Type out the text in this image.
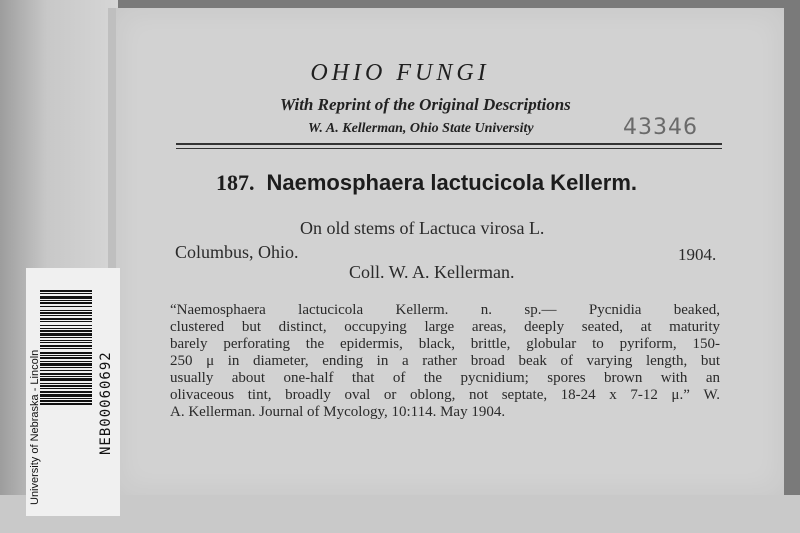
OHIO FUNGI
With Reprint of the Original Descriptions
W. A. Kellerman, Ohio State University	43346
187. Naemosphaera lactucicola Kellerm.
On old stems of Lactuca virosa L.
Columbus, Ohio.	1904.
Coll. W. A. Kellerman.
“Naemosphaera lactucicola Kellerm. n. sp.— Pycnidia beaked,
clustered but distinct, occupying large areas, deeply seated, at maturity
barely perforating the epidermis, black, brittle, globular to pyriform, 150-
250 μ in diameter, ending in a rather broad beak of varying length, but
usually about one-half that of the pycnidium; spores brown with an
olivaceous tint, broadly oval or oblong, not septate, 18-24 x 7-12 μ.” W.
A. Kellerman. Journal of Mycology, 10:114. May 1904.
University of Nebraska - Lincoln	NEB00060692
